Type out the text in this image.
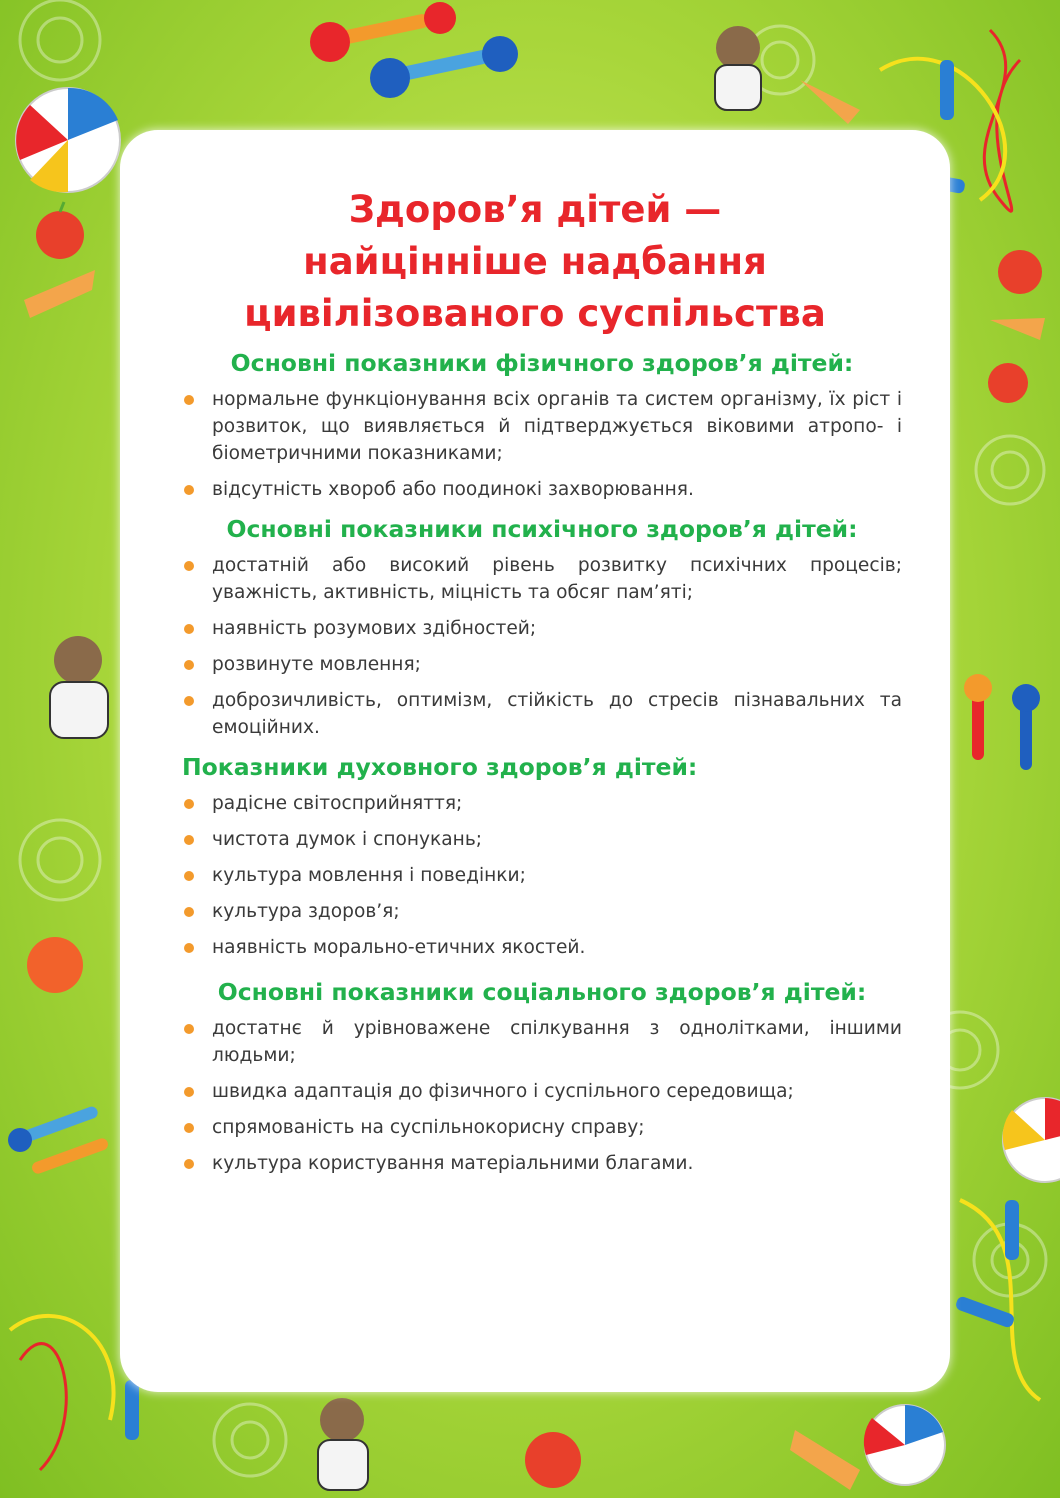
Здоров’я дітей —
найцінніше надбання
цивілізованого суспільства
Основні показники фізичного здоров’я дітей:
нормальне функціонування всіх органів та систем організму, їх ріст і розвиток, що виявляється й підтверджується віковими атропо- і біометричними показниками;
відсутність хвороб або поодинокі захворювання.
Основні показники психічного здоров’я дітей:
достатній або високий рівень розвитку психічних процесів; уважність, активність, міцність та обсяг пам’яті;
наявність розумових здібностей;
розвинуте мовлення;
доброзичливість, оптимізм, стійкість до стресів пізнавальних та емоційних.
Показники духовного здоров’я дітей:
радісне світосприйняття;
чистота думок і спонукань;
культура мовлення і поведінки;
культура здоров’я;
наявність морально-етичних якостей.
Основні показники соціального здоров’я дітей:
достатнє й урівноважене спілкування з однолітками, іншими людьми;
швидка адаптація до фізичного і суспільного середовища;
спрямованість на суспільнокорисну справу;
культура користування матеріальними благами.
